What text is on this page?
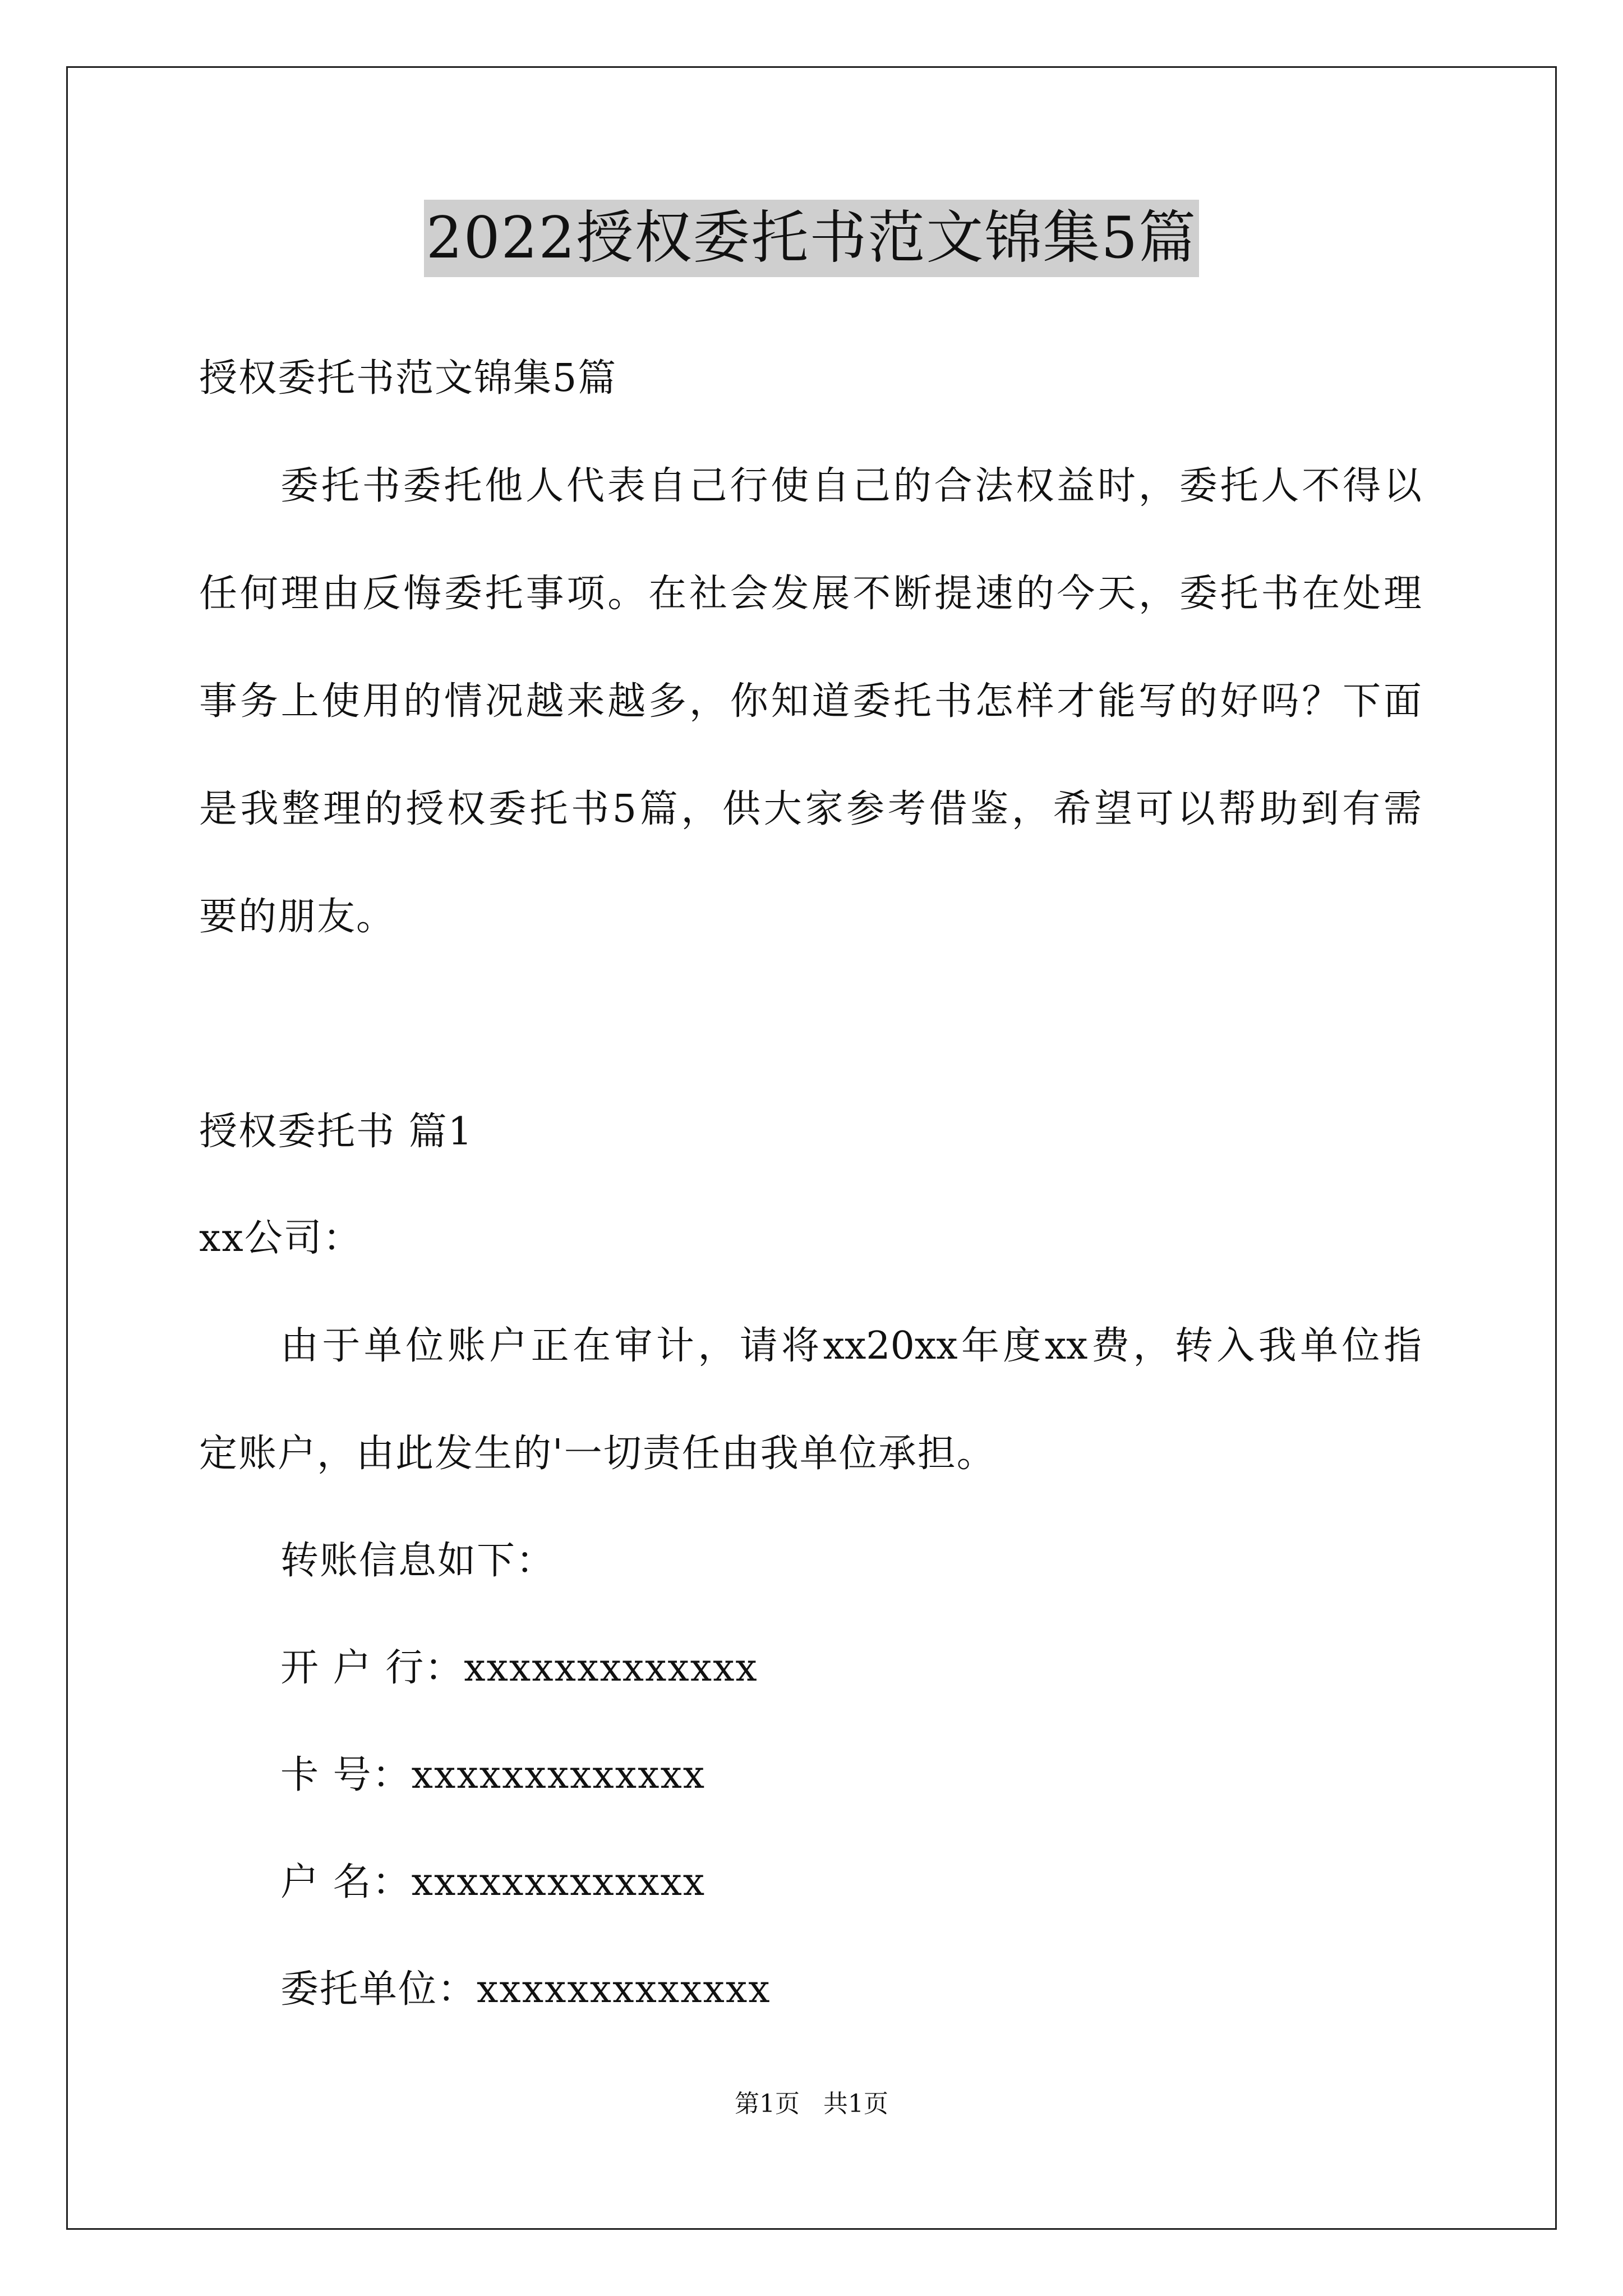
2022授权委托书范文锦集5篇
授权委托书范文锦集5篇
委托书委托他人代表自己行使自己的合法权益时，委托人不得以
任何理由反悔委托事项。在社会发展不断提速的今天，委托书在处理
事务上使用的情况越来越多，你知道委托书怎样才能写的好吗？下面
是我整理的授权委托书5篇，供大家参考借鉴，希望可以帮助到有需
要的朋友。
授权委托书 篇1
xx公司：
由于单位账户正在审计，请将xx20xx年度xx费，转入我单位指
定账户，由此发生的'一切责任由我单位承担。
转账信息如下：
开 户 行：xxxxxxxxxxxxx
卡 号：xxxxxxxxxxxxx
户 名：xxxxxxxxxxxxx
委托单位：xxxxxxxxxxxxx
第1页   共1页
